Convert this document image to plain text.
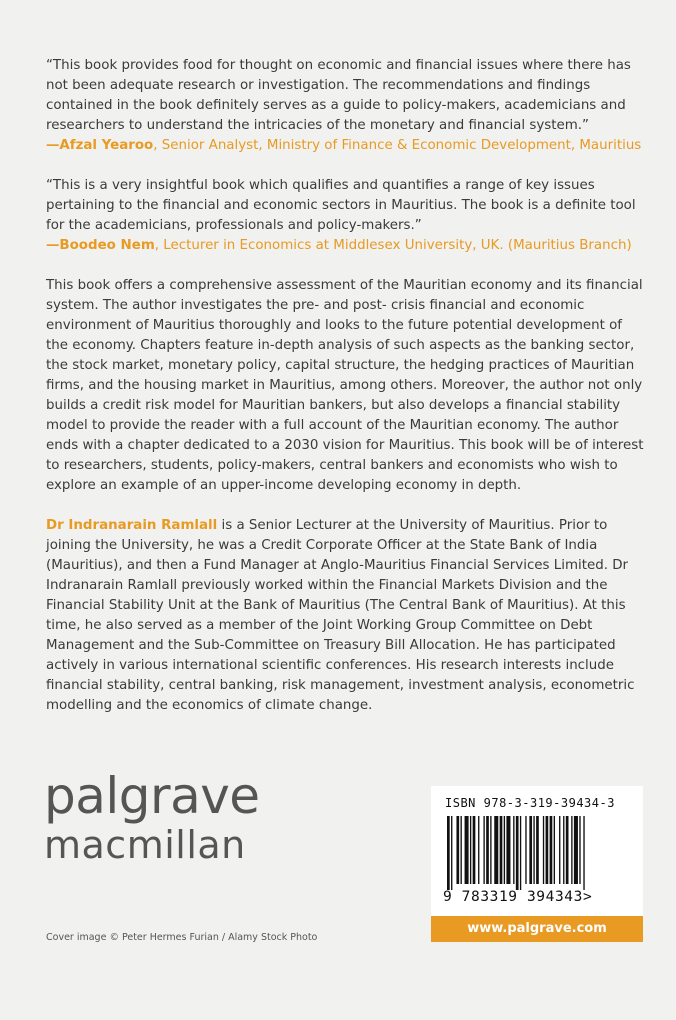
“This book provides food for thought on economic and financial issues where there has not been adequate research or investigation. The recommendations and findings contained in the book definitely serves as a guide to policy-makers, academicians and researchers to understand the intricacies of the monetary and financial system.”
—Afzal Yearoo, Senior Analyst, Ministry of Finance & Economic Development, Mauritius

“This is a very insightful book which qualifies and quantifies a range of key issues pertaining to the financial and economic sectors in Mauritius. The book is a definite tool for the academicians, professionals and policy-makers.”
—Boodeo Nem, Lecturer in Economics at Middlesex University, UK. (Mauritius Branch)

This book offers a comprehensive assessment of the Mauritian economy and its financial system. The author investigates the pre- and post- crisis financial and economic environment of Mauritius thoroughly and looks to the future potential development of the economy. Chapters feature in-depth analysis of such aspects as the banking sector, the stock market, monetary policy, capital structure, the hedging practices of Mauritian firms, and the housing market in Mauritius, among others. Moreover, the author not only builds a credit risk model for Mauritian bankers, but also develops a financial stability model to provide the reader with a full account of the Mauritian economy. The author ends with a chapter dedicated to a 2030 vision for Mauritius. This book will be of interest to researchers, students, policy-makers, central bankers and economists who wish to explore an example of an upper-income developing economy in depth.

Dr Indranarain Ramlall is a Senior Lecturer at the University of Mauritius. Prior to joining the University, he was a Credit Corporate Officer at the State Bank of India (Mauritius), and then a Fund Manager at Anglo-Mauritius Financial Services Limited. Dr Indranarain Ramlall previously worked within the Financial Markets Division and the Financial Stability Unit at the Bank of Mauritius (The Central Bank of Mauritius). At this time, he also served as a member of the Joint Working Group Committee on Debt Management and the Sub-Committee on Treasury Bill Allocation. He has participated actively in various international scientific conferences. His research interests include financial stability, central banking, risk management, investment analysis, econometric modelling and the economics of climate change.

palgrave
macmillan
Cover image © Peter Hermes Furian / Alamy Stock Photo
ISBN 978-3-319-39434-3
9 783319 394343>
www.palgrave.com
